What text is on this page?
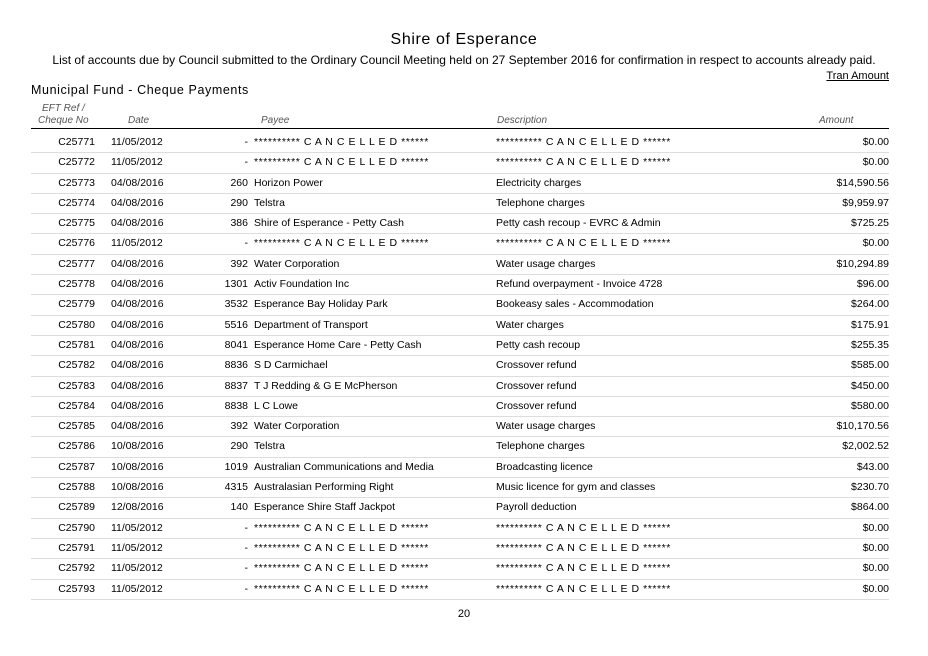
Shire of Esperance
List of accounts due by Council submitted to the Ordinary Council Meeting held on 27 September 2016 for confirmation in respect to accounts already paid.
Tran Amount
Municipal Fund - Cheque Payments
EFT Ref /
Cheque No	Date	Payee	Description	Amount
C25771 11/05/2012	- ********** C A N C E L L E D ******	********** C A N C E L L E D ******	$0.00
C25772 11/05/2012	- ********** C A N C E L L E D ******	********** C A N C E L L E D ******	$0.00
C25773 04/08/2016	260 Horizon Power	Electricity charges	$14,590.56
C25774 04/08/2016	290 Telstra	Telephone charges	$9,959.97
C25775 04/08/2016	386 Shire of Esperance - Petty Cash	Petty cash recoup - EVRC & Admin	$725.25
C25776 11/05/2012	- ********** C A N C E L L E D ******	********** C A N C E L L E D ******	$0.00
C25777 04/08/2016	392 Water Corporation	Water usage charges	$10,294.89
C25778 04/08/2016	1301 Activ Foundation Inc	Refund overpayment - Invoice 4728	$96.00
C25779 04/08/2016	3532 Esperance Bay Holiday Park	Bookeasy sales - Accommodation	$264.00
C25780 04/08/2016	5516 Department of Transport	Water charges	$175.91
C25781 04/08/2016	8041 Esperance Home Care - Petty Cash	Petty cash recoup	$255.35
C25782 04/08/2016	8836 S D Carmichael	Crossover refund	$585.00
C25783 04/08/2016	8837 T J Redding & G E McPherson	Crossover refund	$450.00
C25784 04/08/2016	8838 L C Lowe	Crossover refund	$580.00
C25785 04/08/2016	392 Water Corporation	Water usage charges	$10,170.56
C25786 10/08/2016	290 Telstra	Telephone charges	$2,002.52
C25787 10/08/2016	1019 Australian Communications and Media	Broadcasting licence	$43.00
C25788 10/08/2016	4315 Australasian Performing Right	Music licence for gym and classes	$230.70
C25789 12/08/2016	140 Esperance Shire Staff Jackpot	Payroll deduction	$864.00
C25790 11/05/2012	- ********** C A N C E L L E D ******	********** C A N C E L L E D ******	$0.00
C25791 11/05/2012	- ********** C A N C E L L E D ******	********** C A N C E L L E D ******	$0.00
C25792 11/05/2012	- ********** C A N C E L L E D ******	********** C A N C E L L E D ******	$0.00
C25793 11/05/2012	- ********** C A N C E L L E D ******	********** C A N C E L L E D ******	$0.00
20
